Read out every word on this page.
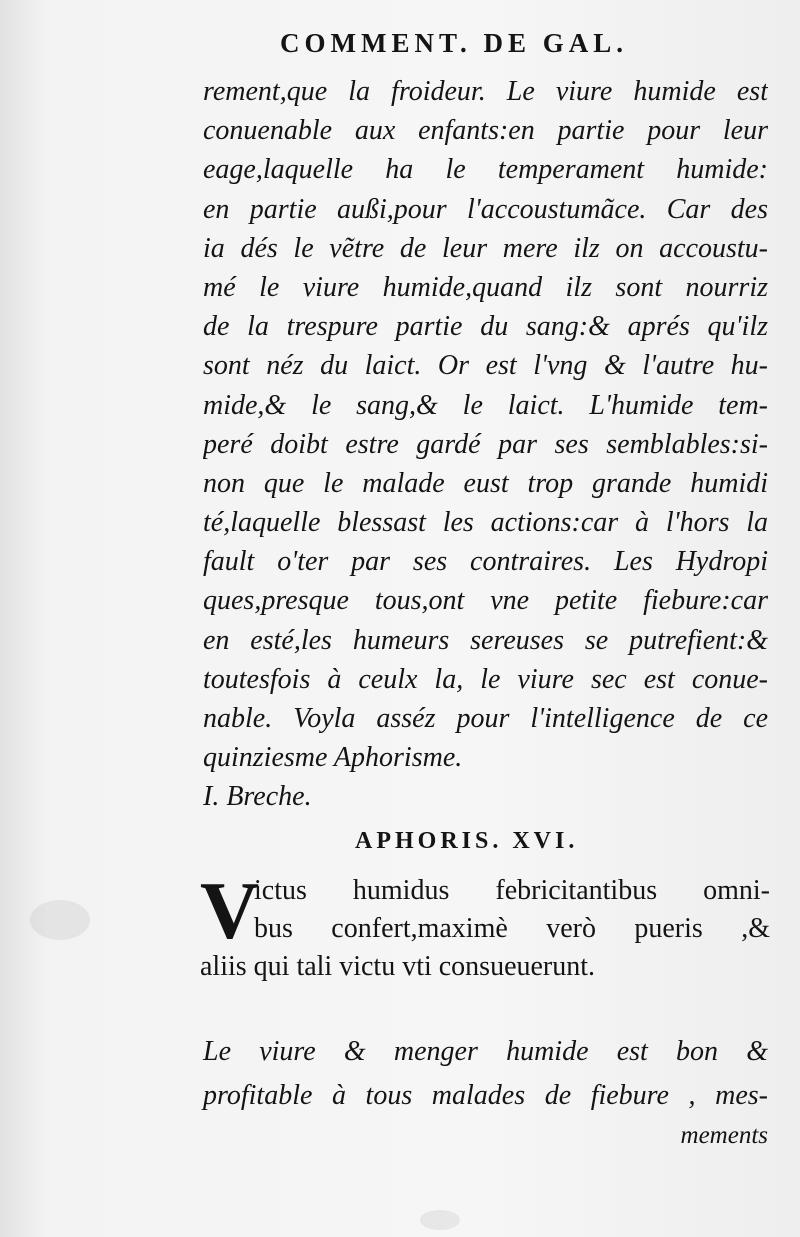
COMMENT. DE GAL.
rement,que la froideur. Le viure humide est
conuenable aux enfants:en partie pour leur
eage,laquelle ha le temperament humide:
en partie außi,pour l'accoustumãce. Car des
ia dés le vẽtre de leur mere ilz on accoustu-
mé le viure humide,quand ilz sont nourriz
de la trespure partie du sang:& aprés qu'ilz
sont néz du laict. Or est l'vng & l'autre hu-
mide,& le sang,& le laict. L'humide tem-
peré doibt estre gardé par ses semblables:si-
non que le malade eust trop grande humidi
té,laquelle blessast les actions:car à l'hors la
fault o'ter par ses contraires. Les Hydropi
ques,presque tous,ont vne petite fiebure:car
en esté,les humeurs sereuses se putrefient:&
toutesfois à ceulx la, le viure sec est conue-
nable. Voyla asséz pour l'intelligence de ce
quinziesme Aphorisme.
I. Breche.
APHORIS. XVI.
V
ictus humidus febricitantibus omni-
bus confert,maximè verò pueris ,&
aliis qui tali victu vti consueuerunt.
Le viure & menger humide est bon &
profitable à tous malades de fiebure , mes-
mements
